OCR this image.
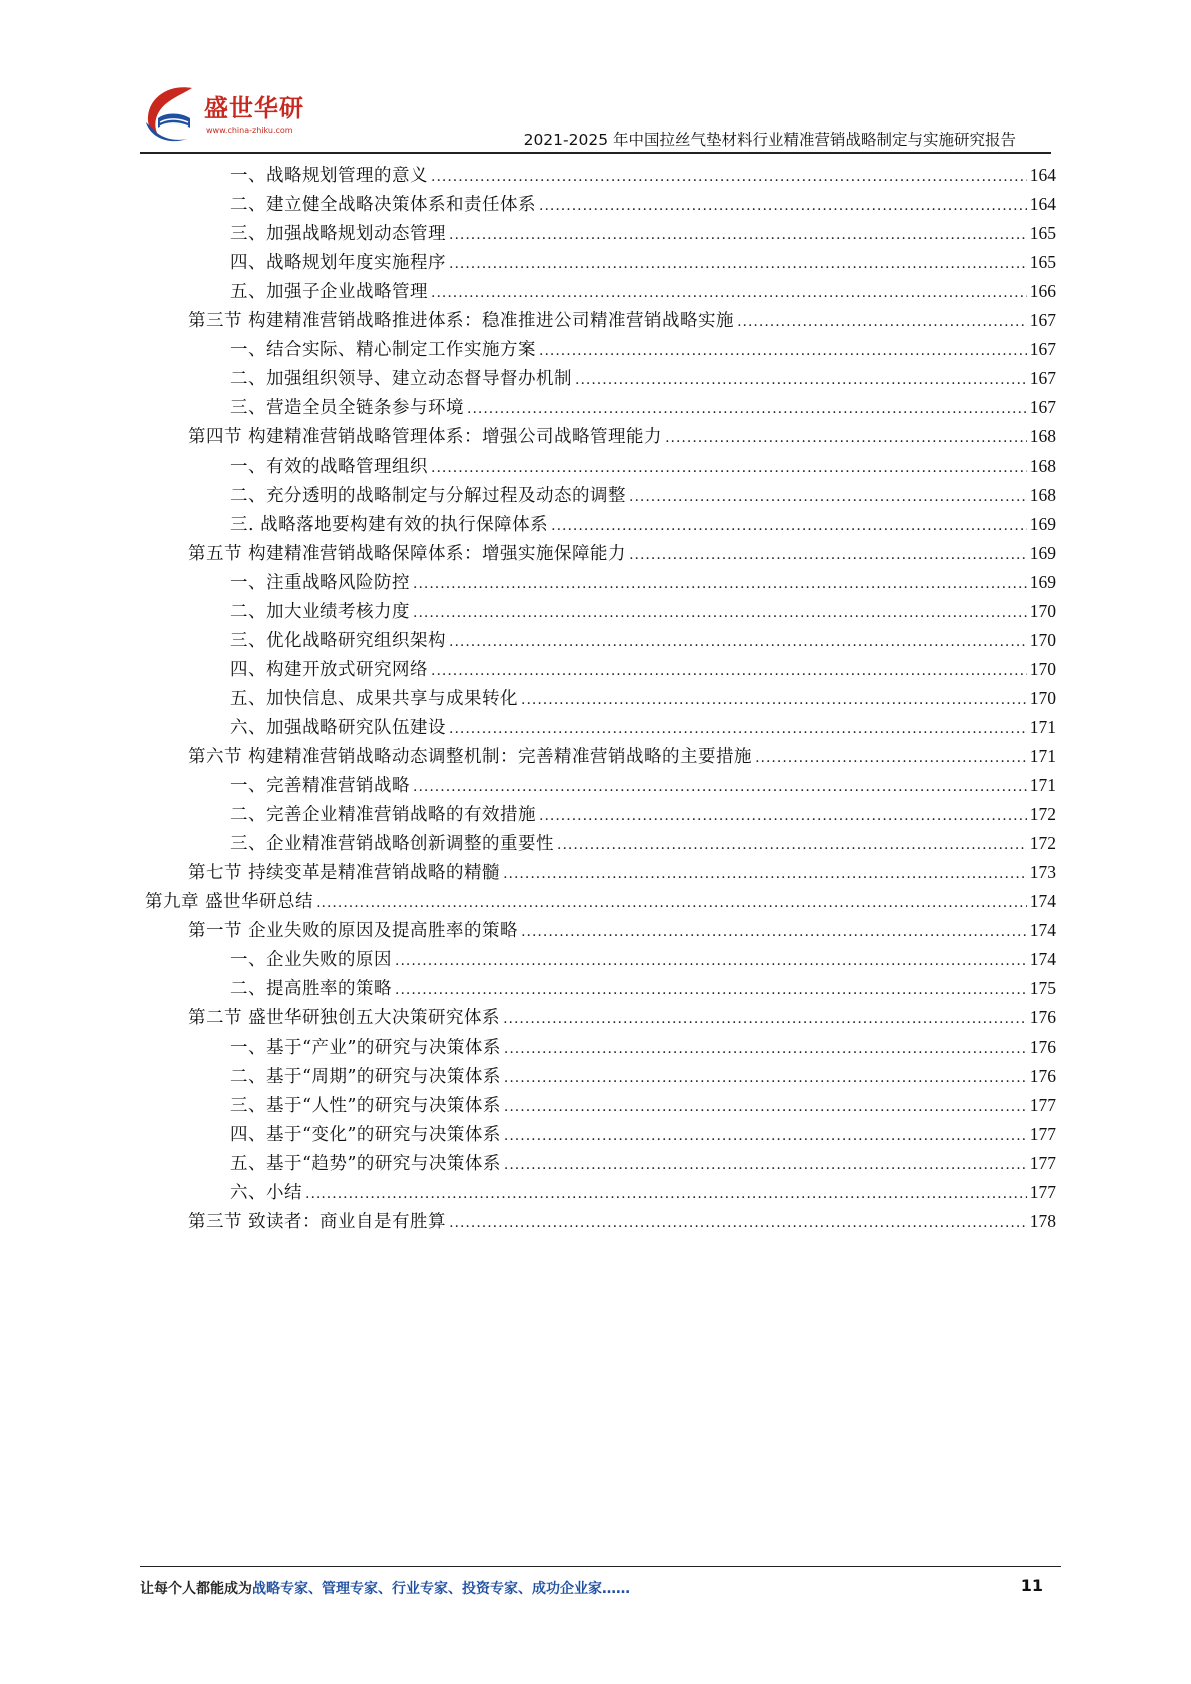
盛世华研
www.china-zhiku.com
2021-2025 年中国拉丝气垫材料行业精准营销战略制定与实施研究报告
一、战略规划管理的意义 .....	164
二、建立健全战略决策体系和责任体系 .....	164
三、加强战略规划动态管理 .....	165
四、战略规划年度实施程序 .....	165
五、加强子企业战略管理 .....	166
第三节 构建精准营销战略推进体系：稳准推进公司精准营销战略实施 .....	167
一、结合实际、精心制定工作实施方案 .....	167
二、加强组织领导、建立动态督导督办机制 .....	167
三、营造全员全链条参与环境 .....	167
第四节 构建精准营销战略管理体系：增强公司战略管理能力 .....	168
一、有效的战略管理组织 .....	168
二、充分透明的战略制定与分解过程及动态的调整 .....	168
三. 战略落地要构建有效的执行保障体系 .....	169
第五节 构建精准营销战略保障体系：增强实施保障能力 .....	169
一、注重战略风险防控 .....	169
二、加大业绩考核力度 .....	170
三、优化战略研究组织架构 .....	170
四、构建开放式研究网络 .....	170
五、加快信息、成果共享与成果转化 .....	170
六、加强战略研究队伍建设 .....	171
第六节 构建精准营销战略动态调整机制：完善精准营销战略的主要措施 .....	171
一、完善精准营销战略 .....	171
二、完善企业精准营销战略的有效措施 .....	172
三、企业精准营销战略创新调整的重要性 .....	172
第七节 持续变革是精准营销战略的精髓 .....	173
第九章 盛世华研总结 .....	174
第一节 企业失败的原因及提高胜率的策略 .....	174
一、企业失败的原因 .....	174
二、提高胜率的策略 .....	175
第二节 盛世华研独创五大决策研究体系 .....	176
一、基于“产业”的研究与决策体系 .....	176
二、基于“周期”的研究与决策体系 .....	176
三、基于“人性”的研究与决策体系 .....	177
四、基于“变化”的研究与决策体系 .....	177
五、基于“趋势”的研究与决策体系 .....	177
六、小结 .....	177
第三节 致读者：商业自是有胜算 .....	178
让每个人都能成为战略专家、管理专家、行业专家、投资专家、成功企业家……	11
